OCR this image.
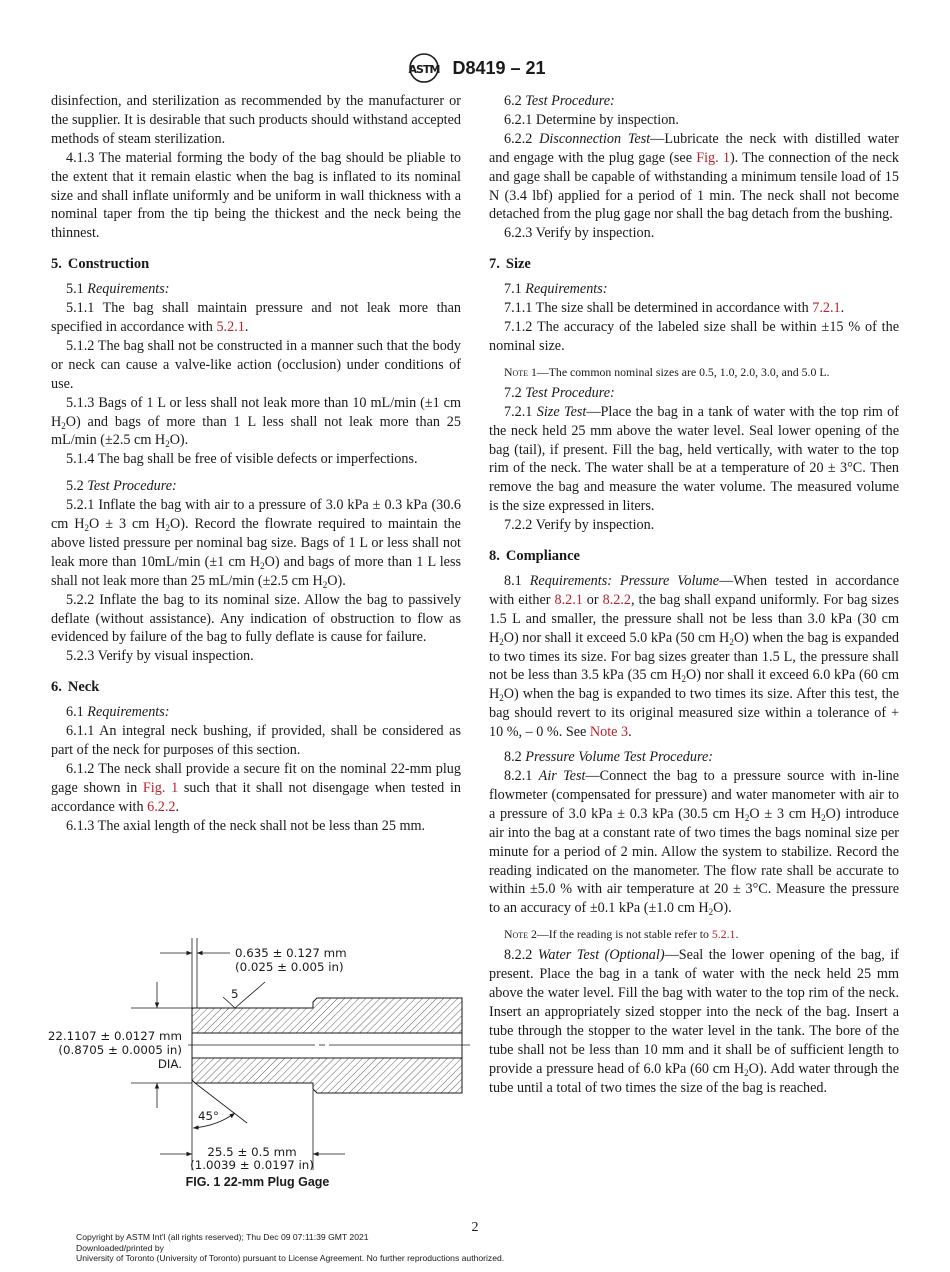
ASTM D8419 – 21

disinfection, and sterilization as recommended by the manufacturer or the supplier. It is desirable that such products should withstand accepted methods of steam sterilization.

4.1.3 The material forming the body of the bag should be pliable to the extent that it remain elastic when the bag is inflated to its nominal size and shall inflate uniformly and be uniform in wall thickness with a nominal taper from the tip being the thickest and the neck being the thinnest.

5. Construction

5.1 Requirements:

5.1.1 The bag shall maintain pressure and not leak more than specified in accordance with 5.2.1.

5.1.2 The bag shall not be constructed in a manner such that the body or neck can cause a valve-like action (occlusion) under conditions of use.

5.1.3 Bags of 1 L or less shall not leak more than 10 mL/min (±1 cm $H_2O$) and bags of more than 1 L less shall not leak more than 25 mL/min (±2.5 cm $H_2O$).

5.1.4 The bag shall be free of visible defects or imperfections.

5.2 Test Procedure:

5.2.1 Inflate the bag with air to a pressure of 3.0 kPa ± 0.3 kPa (30.6 cm $H_2O \pm 3$ cm $H_2O$). Record the flowrate required to maintain the above listed pressure per nominal bag size. Bags of 1 L or less shall not leak more than 10mL/min (±1 cm $H_2O$) and bags of more than 1 L less shall not leak more than 25 mL/min (±2.5 cm $H_2O$).

5.2.2 Inflate the bag to its nominal size. Allow the bag to passively deflate (without assistance). Any indication of obstruction to flow as evidenced by failure of the bag to fully deflate is cause for failure.

5.2.3 Verify by visual inspection.

6. Neck

6.1 Requirements:

6.1.1 An integral neck bushing, if provided, shall be considered as part of the neck for purposes of this section.

6.1.2 The neck shall provide a secure fit on the nominal 22-mm plug gage shown in Fig. 1 such that it shall not disengage when tested in accordance with 6.2.2.

6.1.3 The axial length of the neck shall not be less than 25 mm.

0.635 ± 0.127 mm
(0.025 ± 0.005 in)
5
22.1107 ± 0.0127 mm
(0.8705 ± 0.0005 in)
DIA.
45°
25.5 ± 0.5 mm
(1.0039 ± 0.0197 in)
FIG. 1 22-mm Plug Gage

6.2 Test Procedure:

6.2.1 Determine by inspection.

6.2.2 Disconnection Test—Lubricate the neck with distilled water and engage with the plug gage (see Fig. 1). The connection of the neck and gage shall be capable of withstanding a minimum tensile load of 15 N (3.4 lbf) applied for a period of 1 min. The neck shall not become detached from the plug gage nor shall the bag detach from the bushing.

6.2.3 Verify by inspection.

7. Size

7.1 Requirements:

7.1.1 The size shall be determined in accordance with 7.2.1.

7.1.2 The accuracy of the labeled size shall be within ±15 % of the nominal size.

Note 1—The common nominal sizes are 0.5, 1.0, 2.0, 3.0, and 5.0 L.

7.2 Test Procedure:

7.2.1 Size Test—Place the bag in a tank of water with the top rim of the neck held 25 mm above the water level. Seal lower opening of the bag (tail), if present. Fill the bag, held vertically, with water to the top rim of the neck. The water shall be at a temperature of 20 ± 3°C. Then remove the bag and measure the water volume. The measured volume is the size expressed in liters.

7.2.2 Verify by inspection.

8. Compliance

8.1 Requirements: Pressure Volume—When tested in accordance with either 8.2.1 or 8.2.2, the bag shall expand uniformly. For bag sizes 1.5 L and smaller, the pressure shall not be less than 3.0 kPa (30 cm $H_2O$) nor shall it exceed 5.0 kPa (50 cm $H_2O$) when the bag is expanded to two times its size. For bag sizes greater than 1.5 L, the pressure shall not be less than 3.5 kPa (35 cm $H_2O$) nor shall it exceed 6.0 kPa (60 cm $H_2O$) when the bag is expanded to two times its size. After this test, the bag should revert to its original measured size within a tolerance of + 10 %, – 0 %. See Note 3.

8.2 Pressure Volume Test Procedure:

8.2.1 Air Test—Connect the bag to a pressure source with in-line flowmeter (compensated for pressure) and water manometer with air to a pressure of 3.0 kPa ± 0.3 kPa (30.5 cm $H_2O \pm 3$ cm $H_2O$) introduce air into the bag at a constant rate of two times the bags nominal size per minute for a period of 2 min. Allow the system to stabilize. Record the reading indicated on the manometer. The flow rate shall be accurate to within ±5.0 % with air temperature at 20 ± 3°C. Measure the pressure to an accuracy of ±0.1 kPa (±1.0 cm $H_2O$).

Note 2—If the reading is not stable refer to 5.2.1.

8.2.2 Water Test (Optional)—Seal the lower opening of the bag, if present. Place the bag in a tank of water with the neck held 25 mm above the water level. Fill the bag with water to the top rim of the neck. Insert an appropriately sized stopper into the neck of the bag. Insert a tube through the stopper to the water level in the tank. The bore of the tube shall not be less than 10 mm and it shall be of sufficient length to provide a pressure head of 6.0 kPa (60 cm $H_2O$). Add water through the tube until a total of two times the size of the bag is reached.

2
Copyright by ASTM Int'l (all rights reserved); Thu Dec 09 07:11:39 GMT 2021
Downloaded/printed by
University of Toronto (University of Toronto) pursuant to License Agreement. No further reproductions authorized.
